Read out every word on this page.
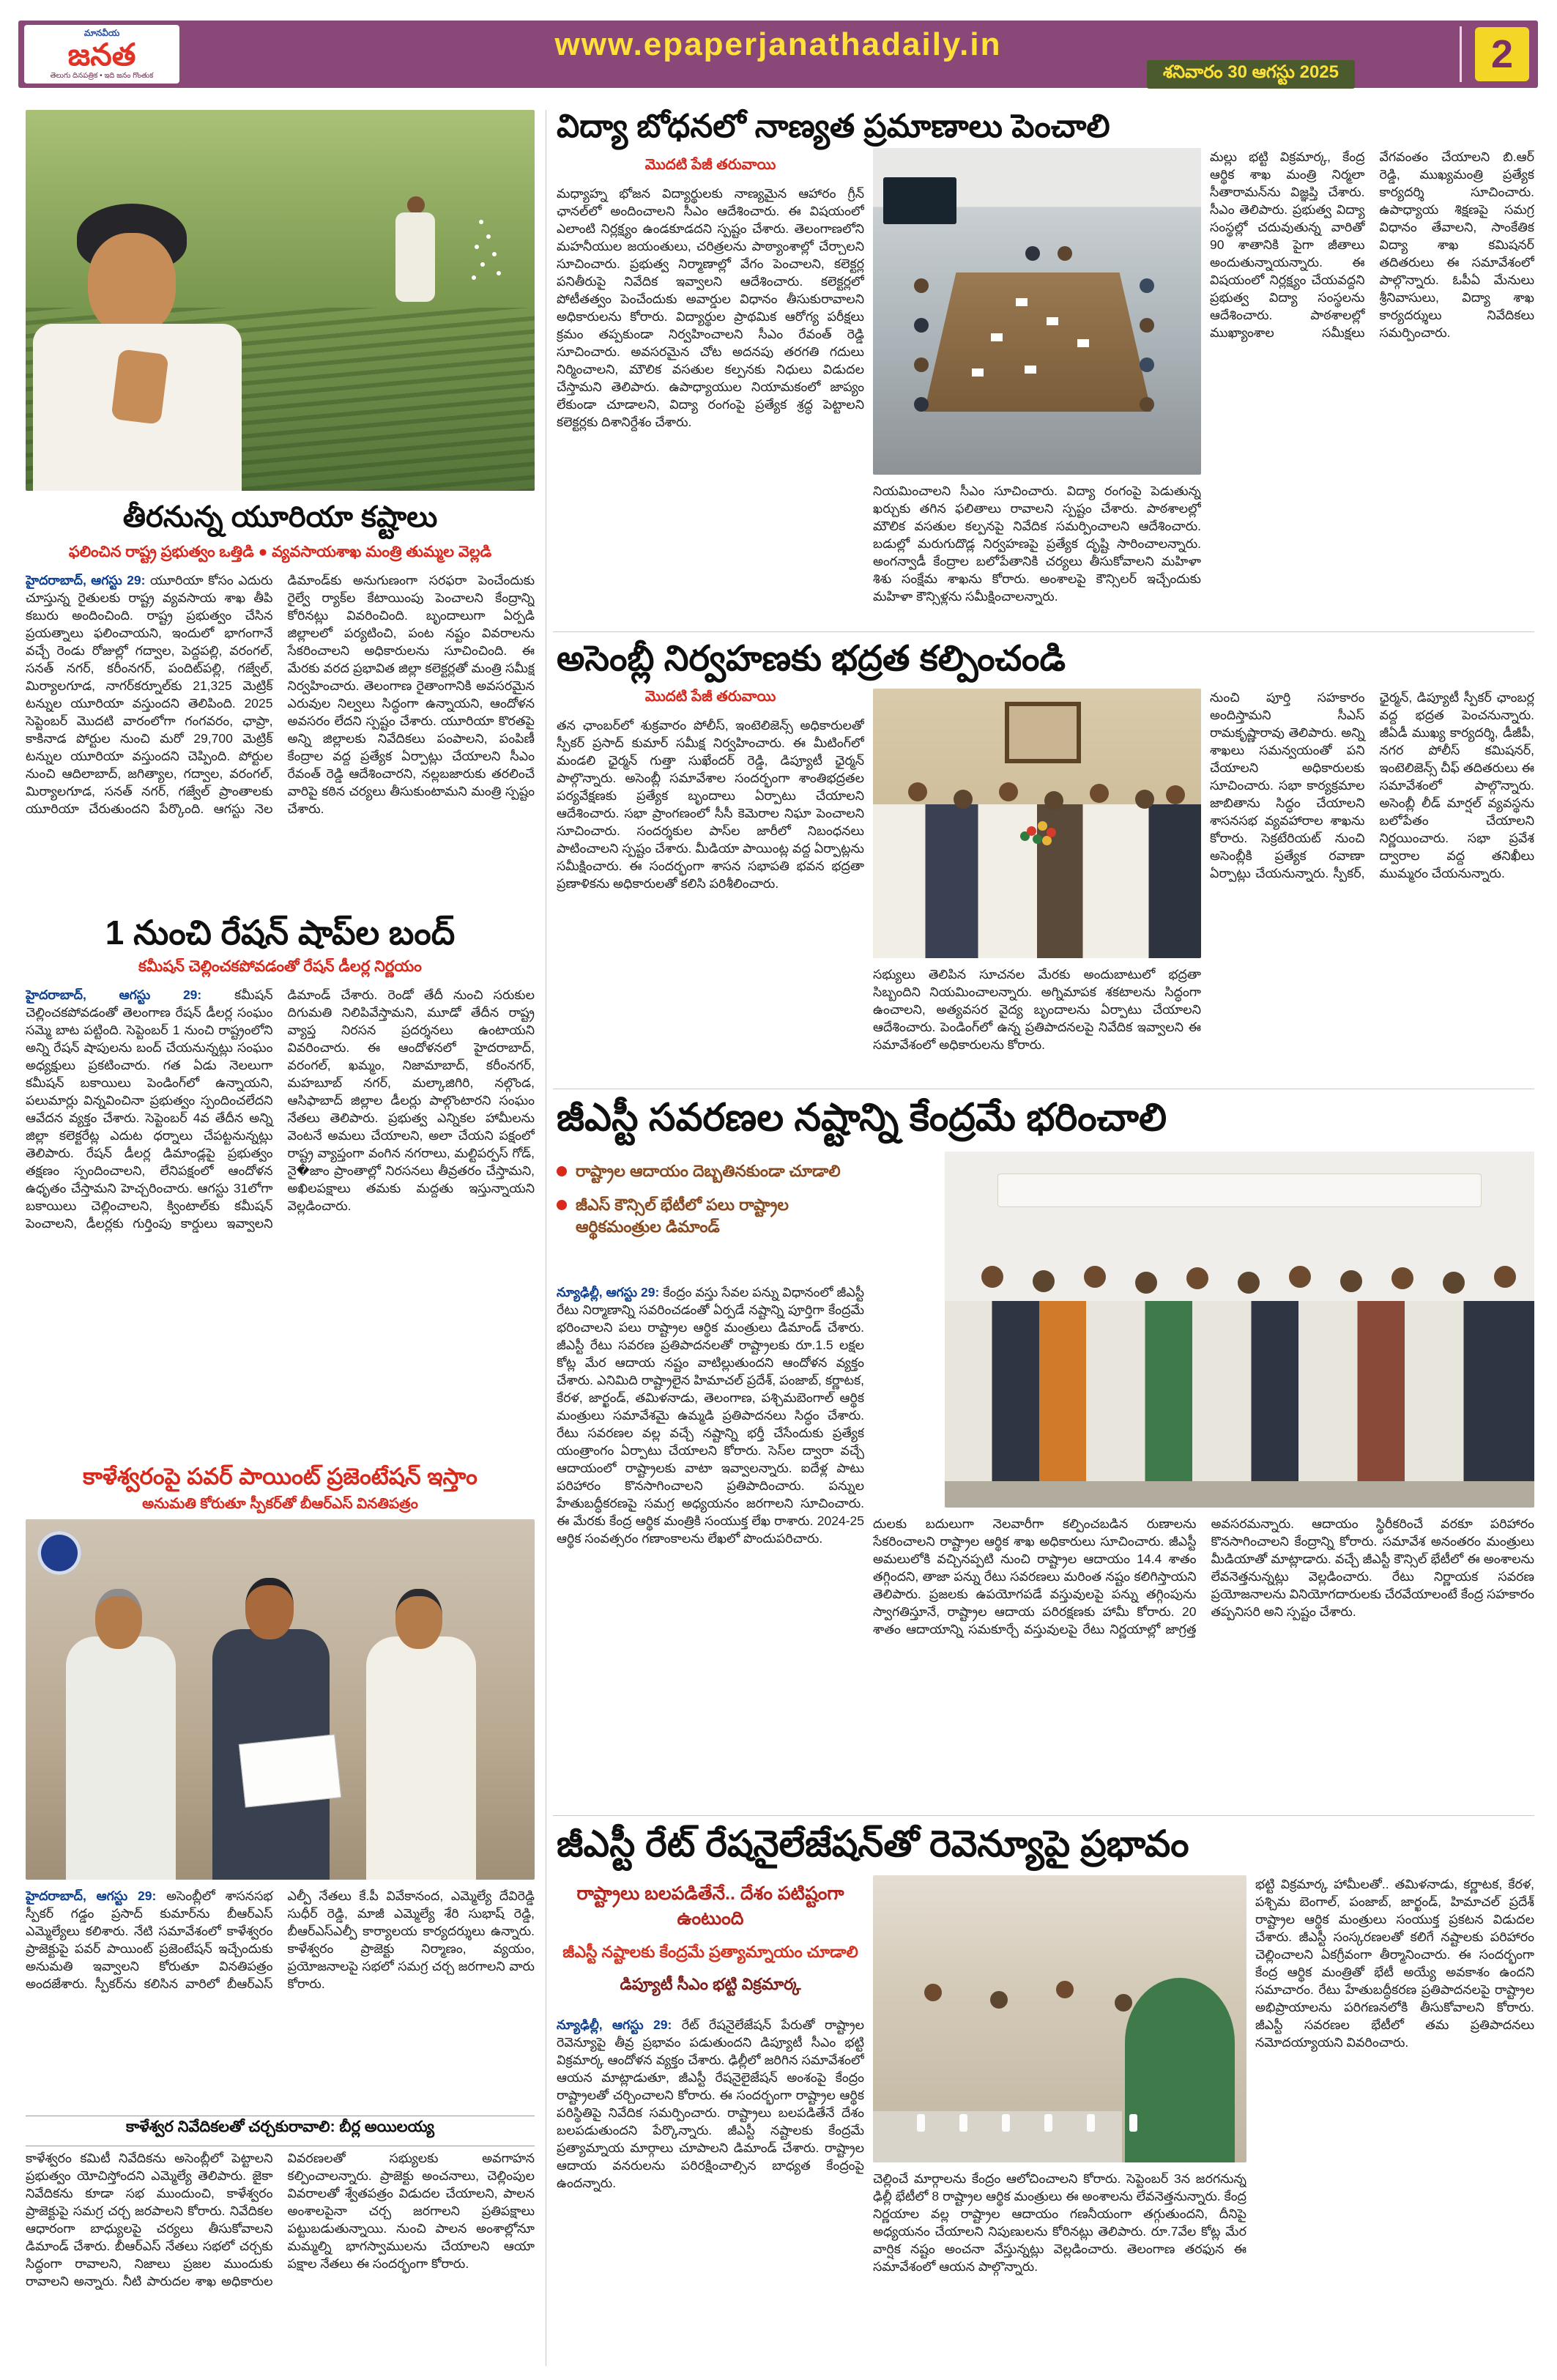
మానవీయ
జనత
తెలుగు దినపత్రిక • ఇది జనం గొంతుక
www.epaperjanathadaily.in
శనివారం 30 ఆగస్టు 2025	2
తీరనున్న యూరియా కష్టాలు
ఫలించిన రాష్ట్ర ప్రభుత్వం ఒత్తిడి ● వ్యవసాయశాఖ మంత్రి తుమ్మల వెల్లడి
హైదరాబాద్, ఆగస్టు 29: యూరియా కోసం ఎదురు చూస్తున్న రైతులకు రాష్ట్ర వ్యవసాయ శాఖ తీపి కబురు అందించింది. రాష్ట్ర ప్రభుత్వం చేసిన ప్రయత్నాలు ఫలించాయని, ఇందులో భాగంగానే వచ్చే రెండు రోజుల్లో గద్వాల, పెద్దపల్లి, వరంగల్, సనత్ నగర్, కరీంనగర్, పందిట్‌పల్లి, గజ్వేల్, మిర్యాలగూడ, నాగర్‌కర్నూల్‌కు 21,325 మెట్రిక్ టన్నుల యూరియా వస్తుందని తెలిపింది. 2025 సెప్టెంబర్ మొదటి వారంలోగా గంగవరం, ఛాప్రా, కాకినాడ పోర్టుల నుంచి మరో 29,700 మెట్రిక్ టన్నుల యూరియా వస్తుందని చెప్పింది. పోర్టుల నుంచి ఆదిలాబాద్, జగిత్యాల, గద్వాల, వరంగల్, మిర్యాలగూడ, సనత్ నగర్, గజ్వేల్ ప్రాంతాలకు యూరియా చేరుతుందని పేర్కొంది. ఆగస్టు నెల డిమాండ్‌కు అనుగుణంగా సరఫరా పెంచేందుకు రైల్వే ర్యాక్‌ల కేటాయింపు పెంచాలని కేంద్రాన్ని కోరినట్లు వివరించింది. బృందాలుగా ఏర్పడి జిల్లాలలో పర్యటించి, పంట నష్టం వివరాలను సేకరించాలని అధికారులను సూచించింది. ఈ మేరకు వరద ప్రభావిత జిల్లా కలెక్టర్లతో మంత్రి సమీక్ష నిర్వహించారు. తెలంగాణ రైతాంగానికి అవసరమైన ఎరువుల నిల్వలు సిద్ధంగా ఉన్నాయని, ఆందోళన అవసరం లేదని స్పష్టం చేశారు. యూరియా కొరతపై అన్ని జిల్లాలకు నివేదికలు పంపాలని, పంపిణీ కేంద్రాల వద్ద ప్రత్యేక ఏర్పాట్లు చేయాలని సీఎం రేవంత్ రెడ్డి ఆదేశించారని, నల్లబజారుకు తరలించే వారిపై కఠిన చర్యలు తీసుకుంటామని మంత్రి స్పష్టం చేశారు.
1 నుంచి రేషన్ షాప్‌ల బంద్
కమీషన్ చెల్లించకపోవడంతో రేషన్ డీలర్ల నిర్ణయం
హైదరాబాద్, ఆగస్టు 29:	కమీషన్ చెల్లించకపోవడంతో తెలంగాణ రేషన్ డీలర్ల సంఘం సమ్మె బాట పట్టింది. సెప్టెంబర్ 1 నుంచి రాష్ట్రంలోని అన్ని రేషన్ షాపులను బంద్ చేయనున్నట్లు సంఘం అధ్యక్షులు ప్రకటించారు. గత ఏడు నెలలుగా కమీషన్ బకాయిలు పెండింగ్‌లో ఉన్నాయని, పలుమార్లు విన్నవించినా ప్రభుత్వం స్పందించలేదని ఆవేదన వ్యక్తం చేశారు. సెప్టెంబర్ 4వ తేదీన అన్ని జిల్లా కలెక్టరేట్ల ఎదుట ధర్నాలు చేపట్టనున్నట్లు తెలిపారు. రేషన్ డీలర్ల డిమాండ్లపై ప్రభుత్వం తక్షణం స్పందించాలని, లేనిపక్షంలో ఆందోళన ఉధృతం చేస్తామని హెచ్చరించారు. ఆగస్టు 31లోగా బకాయిలు చెల్లించాలని, క్వింటాల్‌కు కమీషన్ పెంచాలని, డీలర్లకు గుర్తింపు కార్డులు ఇవ్వాలని డిమాండ్ చేశారు. రెండో తేదీ నుంచి సరుకుల దిగుమతి నిలిపివేస్తామని, మూడో తేదీన రాష్ట్ర వ్యాప్త నిరసన ప్రదర్శనలు ఉంటాయని వివరించారు. ఈ ఆందోళనలో హైదరాబాద్, వరంగల్, ఖమ్మం, నిజామాబాద్, కరీంనగర్, మహబూబ్ నగర్, మల్కాజిగిరి, నల్గొండ, ఆసిఫాబాద్ జిల్లాల డీలర్లు పాల్గొంటారని సంఘం నేతలు తెలిపారు. ప్రభుత్వ ఎన్నికల హామీలను వెంటనే అమలు చేయాలని, అలా చేయని పక్షంలో రాష్ట్ర వ్యాప్తంగా వంగిన నగరాలు, మల్టిపర్పస్ గోడ్, నై�జాం ప్రాంతాల్లో నిరసనలు తీవ్రతరం చేస్తామని, అఖిలపక్షాలు తమకు మద్దతు ఇస్తున్నాయని వెల్లడించారు.
కాళేశ్వరంపై పవర్ పాయింట్ ప్రజెంటేషన్ ఇస్తాం
అనుమతి కోరుతూ స్పీకర్‌తో బీఆర్ఎస్ వినతిపత్రం
హైదరాబాద్, ఆగస్టు 29: అసెంబ్లీలో శాసనసభ స్పీకర్ గడ్డం ప్రసాద్ కుమార్‌ను బీఆర్ఎస్ ఎమ్మెల్యేలు కలిశారు. నేటి సమావేశంలో కాళేశ్వరం ప్రాజెక్టుపై పవర్ పాయింట్ ప్రజెంటేషన్ ఇచ్చేందుకు అనుమతి ఇవ్వాలని కోరుతూ వినతిపత్రం అందజేశారు. స్పీకర్‌ను కలిసిన వారిలో బీఆర్ఎస్ ఎల్పీ నేతలు కే.పీ వివేకానంద, ఎమ్మెల్యే దేవిరెడ్డి సుధీర్ రెడ్డి, మాజీ ఎమ్మెల్యే శేరి సుభాష్ రెడ్డి, బీఆర్ఎస్ఎల్పీ కార్యాలయ కార్యదర్శులు ఉన్నారు. కాళేశ్వరం ప్రాజెక్టు నిర్మాణం, వ్యయం, ప్రయోజనాలపై సభలో సమగ్ర చర్చ జరగాలని వారు కోరారు.
కాళేశ్వర నివేదికలతో చర్చకురావాలి: బీర్ల అయిలయ్య
కాళేశ్వరం కమిటీ నివేదికను అసెంబ్లీలో పెట్టాలని ప్రభుత్వం యోచిస్తోందని ఎమ్మెల్యే తెలిపారు. జైకా నివేదికను కూడా సభ ముందుంచి, కాళేశ్వరం ప్రాజెక్టుపై సమగ్ర చర్చ జరపాలని కోరారు. నివేదికల ఆధారంగా బాధ్యులపై చర్యలు తీసుకోవాలని డిమాండ్ చేశారు. బీఆర్ఎస్ నేతలు సభలో చర్చకు సిద్ధంగా రావాలని, నిజాలు ప్రజల ముందుకు రావాలని అన్నారు. నీటి పారుదల శాఖ అధికారుల వివరణలతో సభ్యులకు అవగాహన కల్పించాలన్నారు. ప్రాజెక్టు అంచనాలు, చెల్లింపుల వివరాలతో శ్వేతపత్రం విడుదల చేయాలని, పాలన అంశాలపైనా చర్చ జరగాలని ప్రతిపక్షాలు పట్టుబడుతున్నాయి. నుంచి పాలన అంశాల్లోనూ మమ్మల్ని భాగస్వాములను చేయాలని ఆయా పక్షాల నేతలు ఈ సందర్భంగా కోరారు.
విద్యా బోధనలో నాణ్యత ప్రమాణాలు పెంచాలి
మొదటి పేజీ తరువాయి
మధ్యాహ్న భోజన విద్యార్థులకు నాణ్యమైన ఆహారం గ్రీన్ ఛానల్‌లో అందించాలని సీఎం ఆదేశించారు. ఈ విషయంలో ఎలాంటి నిర్లక్ష్యం ఉండకూడదని స్పష్టం చేశారు. తెలంగాణలోని మహనీయుల జయంతులు, చరిత్రలను పాఠ్యాంశాల్లో చేర్చాలని సూచించారు. ప్రభుత్వ నిర్మాణాల్లో వేగం పెంచాలని, కలెక్టర్ల పనితీరుపై నివేదిక ఇవ్వాలని ఆదేశించారు. కలెక్టర్లలో పోటీతత్వం పెంచేందుకు అవార్డుల విధానం తీసుకురావాలని అధికారులను కోరారు. విద్యార్థుల ప్రాథమిక ఆరోగ్య పరీక్షలు క్రమం తప్పకుండా నిర్వహించాలని సీఎం రేవంత్ రెడ్డి సూచించారు. అవసరమైన చోట అదనపు తరగతి గదులు నిర్మించాలని, మౌలిక వసతుల కల్పనకు నిధులు విడుదల చేస్తామని తెలిపారు. ఉపాధ్యాయుల నియామకంలో జాప్యం లేకుండా చూడాలని, విద్యా రంగంపై ప్రత్యేక శ్రద్ధ పెట్టాలని కలెక్టర్లకు దిశానిర్దేశం చేశారు.
నియమించాలని సీఎం సూచించారు. విద్యా రంగంపై పెడుతున్న ఖర్చుకు తగిన ఫలితాలు రావాలని స్పష్టం చేశారు. పాఠశాలల్లో మౌలిక వసతుల కల్పనపై నివేదిక సమర్పించాలని ఆదేశించారు. బడుల్లో మరుగుదొడ్ల నిర్వహణపై ప్రత్యేక దృష్టి సారించాలన్నారు. అంగన్వాడీ కేంద్రాల బలోపేతానికి చర్యలు తీసుకోవాలని మహిళా శిశు సంక్షేమ శాఖను కోరారు. అంశాలపై కౌన్సిలర్ ఇచ్చేందుకు మహిళా కౌన్సిళ్లను సమీక్షించాలన్నారు.
మల్లు భట్టి విక్రమార్క, కేంద్ర ఆర్థిక శాఖ మంత్రి నిర్మలా సీతారామన్‌ను విజ్ఞప్తి చేశారు. సీఎం తెలిపారు. ప్రభుత్వ విద్యా సంస్థల్లో చదువుతున్న వారితో 90 శాతానికి పైగా జీతాలు అందుతున్నాయన్నారు. ఈ విషయంలో నిర్లక్ష్యం చేయవద్దని ప్రభుత్వ విద్యా సంస్థలను ఆదేశించారు. పాఠశాలల్లో ముఖ్యాంశాల సమీక్షలు వేగవంతం చేయాలని బి.ఆర్ రెడ్డి, ముఖ్యమంత్రి ప్రత్యేక కార్యదర్శి సూచించారు. ఉపాధ్యాయ శిక్షణపై సమగ్ర విధానం తేవాలని, సాంకేతిక విద్యా శాఖ కమిషనర్ తదితరులు ఈ సమావేశంలో పాల్గొన్నారు. ఓపీఏ మేనులు శ్రీనివాసులు, విద్యా శాఖ కార్యదర్శులు నివేదికలు సమర్పించారు.
అసెంబ్లీ నిర్వహణకు భద్రత కల్పించండి
మొదటి పేజీ తరువాయి
తన ఛాంబర్‌లో శుక్రవారం పోలీస్, ఇంటెలిజెన్స్ అధికారులతో స్పీకర్ ప్రసాద్ కుమార్ సమీక్ష నిర్వహించారు. ఈ మీటింగ్‌లో మండలి ఛైర్మన్ గుత్తా సుఖేందర్ రెడ్డి, డిప్యూటీ ఛైర్మన్ పాల్గొన్నారు. అసెంబ్లీ సమావేశాల సందర్భంగా శాంతిభద్రతల పర్యవేక్షణకు ప్రత్యేక బృందాలు ఏర్పాటు చేయాలని ఆదేశించారు. సభా ప్రాంగణంలో సీసీ కెమెరాల నిఘా పెంచాలని సూచించారు. సందర్శకుల పాస్‌ల జారీలో నిబంధనలు పాటించాలని స్పష్టం చేశారు. మీడియా పాయింట్ల వద్ద ఏర్పాట్లను సమీక్షించారు. ఈ సందర్భంగా శాసన సభాపతి భవన భద్రతా ప్రణాళికను అధికారులతో కలిసి పరిశీలించారు.
సభ్యులు తెలిపిన సూచనల మేరకు అందుబాటులో భద్రతా సిబ్బందిని నియమించాలన్నారు. అగ్నిమాపక శకటాలను సిద్ధంగా ఉంచాలని, అత్యవసర వైద్య బృందాలను ఏర్పాటు చేయాలని ఆదేశించారు. పెండింగ్‌లో ఉన్న ప్రతిపాదనలపై నివేదిక ఇవ్వాలని ఈ సమావేశంలో అధికారులను కోరారు.
నుంచి పూర్తి సహకారం అందిస్తామని సీఎస్ రామకృష్ణారావు తెలిపారు. అన్ని శాఖలు సమన్వయంతో పని చేయాలని అధికారులకు సూచించారు. సభా కార్యక్రమాల జాబితాను సిద్ధం చేయాలని శాసనసభ వ్యవహారాల శాఖను కోరారు. సెక్రటేరియట్ నుంచి అసెంబ్లీకి ప్రత్యేక రవాణా ఏర్పాట్లు చేయనున్నారు. స్పీకర్, ఛైర్మన్, డిప్యూటీ స్పీకర్ ఛాంబర్ల వద్ద భద్రత పెంచనున్నారు. జీఏడీ ముఖ్య కార్యదర్శి, డీజీపీ, నగర పోలీస్ కమిషనర్, ఇంటెలిజెన్స్ చీఫ్ తదితరులు ఈ సమావేశంలో పాల్గొన్నారు. అసెంబ్లీ లీడ్ మార్షల్ వ్యవస్థను బలోపేతం చేయాలని నిర్ణయించారు. సభా ప్రవేశ ద్వారాల వద్ద తనిఖీలు ముమ్మరం చేయనున్నారు.
జీఎస్టీ సవరణల నష్టాన్ని కేంద్రమే భరించాలి
రాష్ట్రాల ఆదాయం దెబ్బతినకుండా చూడాలి
జీఎస్ కౌన్సిల్ భేటీలో పలు రాష్ట్రాల ఆర్థికమంత్రుల డిమాండ్
న్యూఢిల్లీ, ఆగస్టు 29: కేంద్రం వస్తు సేవల పన్ను విధానంలో జీఎస్టీ రేటు నిర్మాణాన్ని సవరించడంతో ఏర్పడే నష్టాన్ని పూర్తిగా కేంద్రమే భరించాలని పలు రాష్ట్రాల ఆర్థిక మంత్రులు డిమాండ్ చేశారు. జీఎస్టీ రేటు సవరణ ప్రతిపాదనలతో రాష్ట్రాలకు రూ.1.5 లక్షల కోట్ల మేర ఆదాయ నష్టం వాటిల్లుతుందని ఆందోళన వ్యక్తం చేశారు. ఎనిమిది రాష్ట్రాలైన హిమాచల్ ప్రదేశ్, పంజాబ్, కర్ణాటక, కేరళ, జార్ఖండ్, తమిళనాడు, తెలంగాణ, పశ్చిమబెంగాల్ ఆర్థిక మంత్రులు సమావేశమై ఉమ్మడి ప్రతిపాదనలు సిద్ధం చేశారు. రేటు సవరణల వల్ల వచ్చే నష్టాన్ని భర్తీ చేసేందుకు ప్రత్యేక యంత్రాంగం ఏర్పాటు చేయాలని కోరారు. సెస్‌ల ద్వారా వచ్చే ఆదాయంలో రాష్ట్రాలకు వాటా ఇవ్వాలన్నారు. ఐదేళ్ల పాటు పరిహారం కొనసాగించాలని ప్రతిపాదించారు. పన్నుల హేతుబద్ధీకరణపై సమగ్ర అధ్యయనం జరగాలని సూచించారు. ఈ మేరకు కేంద్ర ఆర్థిక మంత్రికి సంయుక్త లేఖ రాశారు. 2024-25 ఆర్థిక సంవత్సరం గణాంకాలను లేఖలో పొందుపరిచారు.
దులకు బదులుగా నెలవారీగా కల్పించబడిన రుణాలను సేకరించాలని రాష్ట్రాల ఆర్థిక శాఖ అధికారులు సూచించారు. జీఎస్టీ అమలులోకి వచ్చినప్పటి నుంచి రాష్ట్రాల ఆదాయం 14.4 శాతం తగ్గిందని, తాజా పన్ను రేటు సవరణలు మరింత నష్టం కలిగిస్తాయని తెలిపారు. ప్రజలకు ఉపయోగపడే వస్తువులపై పన్ను తగ్గింపును స్వాగతిస్తూనే, రాష్ట్రాల ఆదాయ పరిరక్షణకు హామీ కోరారు. 20 శాతం ఆదాయాన్ని సమకూర్చే వస్తువులపై రేటు నిర్ణయాల్లో జాగ్రత్త అవసరమన్నారు. ఆదాయం స్థిరీకరించే వరకూ పరిహారం కొనసాగించాలని కేంద్రాన్ని కోరారు. సమావేశ అనంతరం మంత్రులు మీడియాతో మాట్లాడారు. వచ్చే జీఎస్టీ కౌన్సిల్ భేటీలో ఈ అంశాలను లేవనెత్తనున్నట్లు వెల్లడించారు. రేటు నిర్ణాయక సవరణ ప్రయోజనాలను వినియోగదారులకు చేరవేయాలంటే కేంద్ర సహకారం తప్పనిసరి అని స్పష్టం చేశారు.
జీఎస్టీ రేట్ రేషనైలేజేషన్‌తో రెవెన్యూపై ప్రభావం
రాష్ట్రాలు బలపడితేనే.. దేశం పటిష్టంగా ఉంటుంది
జీఎస్టీ నష్టాలకు కేంద్రమే ప్రత్యామ్నాయం చూడాలి
డిప్యూటీ సీఎం భట్టి విక్రమార్క
న్యూఢిల్లీ, ఆగస్టు 29: రేట్ రేషనైలేజేషన్ పేరుతో రాష్ట్రాల రెవెన్యూపై తీవ్ర ప్రభావం పడుతుందని డిప్యూటీ సీఎం భట్టి విక్రమార్క ఆందోళన వ్యక్తం చేశారు. ఢిల్లీలో జరిగిన సమావేశంలో ఆయన మాట్లాడుతూ, జీఎస్టీ రేషనైలైజేషన్ అంశంపై కేంద్రం రాష్ట్రాలతో చర్చించాలని కోరారు. ఈ సందర్భంగా రాష్ట్రాల ఆర్థిక పరిస్థితిపై నివేదిక సమర్పించారు. రాష్ట్రాలు బలపడితేనే దేశం బలపడుతుందని పేర్కొన్నారు. జీఎస్టీ నష్టాలకు కేంద్రమే ప్రత్యామ్నాయ మార్గాలు చూపాలని డిమాండ్ చేశారు. రాష్ట్రాల ఆదాయ వనరులను పరిరక్షించాల్సిన బాధ్యత కేంద్రంపై ఉందన్నారు.	చెల్లించే మార్గాలను కేంద్రం ఆలోచించాలని కోరారు. సెప్టెంబర్ 3న జరగనున్న ఢిల్లీ భేటీలో 8 రాష్ట్రాల ఆర్థిక మంత్రులు ఈ అంశాలను లేవనెత్తనున్నారు. కేంద్ర నిర్ణయాల వల్ల రాష్ట్రాల ఆదాయం గణనీయంగా తగ్గుతుందని, దీనిపై అధ్యయనం చేయాలని నిపుణులను కోరినట్లు తెలిపారు. రూ.7వేల కోట్ల మేర వార్షిక నష్టం అంచనా వేస్తున్నట్లు వెల్లడించారు. తెలంగాణ తరఫున ఈ సమావేశంలో ఆయన పాల్గొన్నారు.
భట్టి విక్రమార్క హామీలతో.. తమిళనాడు, కర్ణాటక, కేరళ, పశ్చిమ బెంగాల్, పంజాబ్, జార్ఖండ్, హిమాచల్ ప్రదేశ్ రాష్ట్రాల ఆర్థిక మంత్రులు సంయుక్త ప్రకటన విడుదల చేశారు. జీఎస్టీ సంస్కరణలతో కలిగే నష్టాలకు పరిహారం చెల్లించాలని ఏకగ్రీవంగా తీర్మానించారు. ఈ సందర్భంగా కేంద్ర ఆర్థిక మంత్రితో భేటీ అయ్యే అవకాశం ఉందని సమాచారం. రేటు హేతుబద్ధీకరణ ప్రతిపాదనలపై రాష్ట్రాల అభిప్రాయాలను పరిగణనలోకి తీసుకోవాలని కోరారు. జీఎస్టీ సవరణల భేటీలో తమ ప్రతిపాదనలు నమోదయ్యాయని వివరించారు.
